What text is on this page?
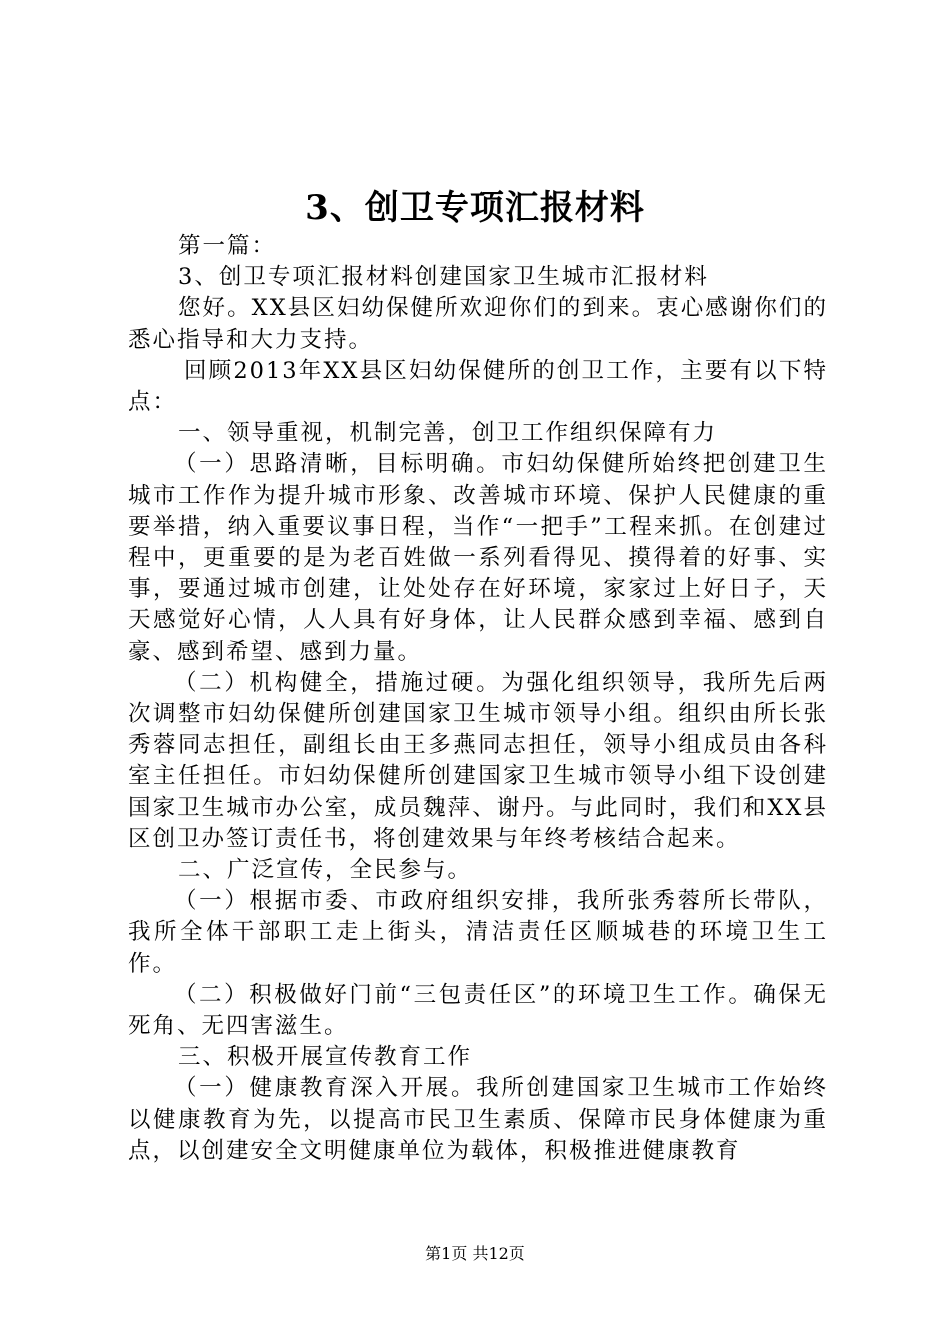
3、创卫专项汇报材料

第一篇：

3、创卫专项汇报材料创建国家卫生城市汇报材料

您好。XX县区妇幼保健所欢迎你们的到来。衷心感谢你们的悉心指导和大力支持。

回顾2013年XX县区妇幼保健所的创卫工作，主要有以下特点：

一、领导重视，机制完善，创卫工作组织保障有力

（一）思路清晰，目标明确。市妇幼保健所始终把创建卫生城市工作作为提升城市形象、改善城市环境、保护人民健康的重要举措，纳入重要议事日程，当作“一把手”工程来抓。在创建过程中，更重要的是为老百姓做一系列看得见、摸得着的好事、实事，要通过城市创建，让处处存在好环境，家家过上好日子，天天感觉好心情，人人具有好身体，让人民群众感到幸福、感到自豪、感到希望、感到力量。

（二）机构健全，措施过硬。为强化组织领导，我所先后两次调整市妇幼保健所创建国家卫生城市领导小组。组织由所长张秀蓉同志担任，副组长由王多燕同志担任，领导小组成员由各科室主任担任。市妇幼保健所创建国家卫生城市领导小组下设创建国家卫生城市办公室，成员魏萍、谢丹。与此同时，我们和XX县区创卫办签订责任书，将创建效果与年终考核结合起来。

二、广泛宣传，全民参与。

（一）根据市委、市政府组织安排，我所张秀蓉所长带队，我所全体干部职工走上街头，清洁责任区顺城巷的环境卫生工作。

（二）积极做好门前“三包责任区”的环境卫生工作。确保无死角、无四害滋生。

三、积极开展宣传教育工作

（一）健康教育深入开展。我所创建国家卫生城市工作始终以健康教育为先，以提高市民卫生素质、保障市民身体健康为重点，以创建安全文明健康单位为载体，积极推进健康教育

第1页 共12页
